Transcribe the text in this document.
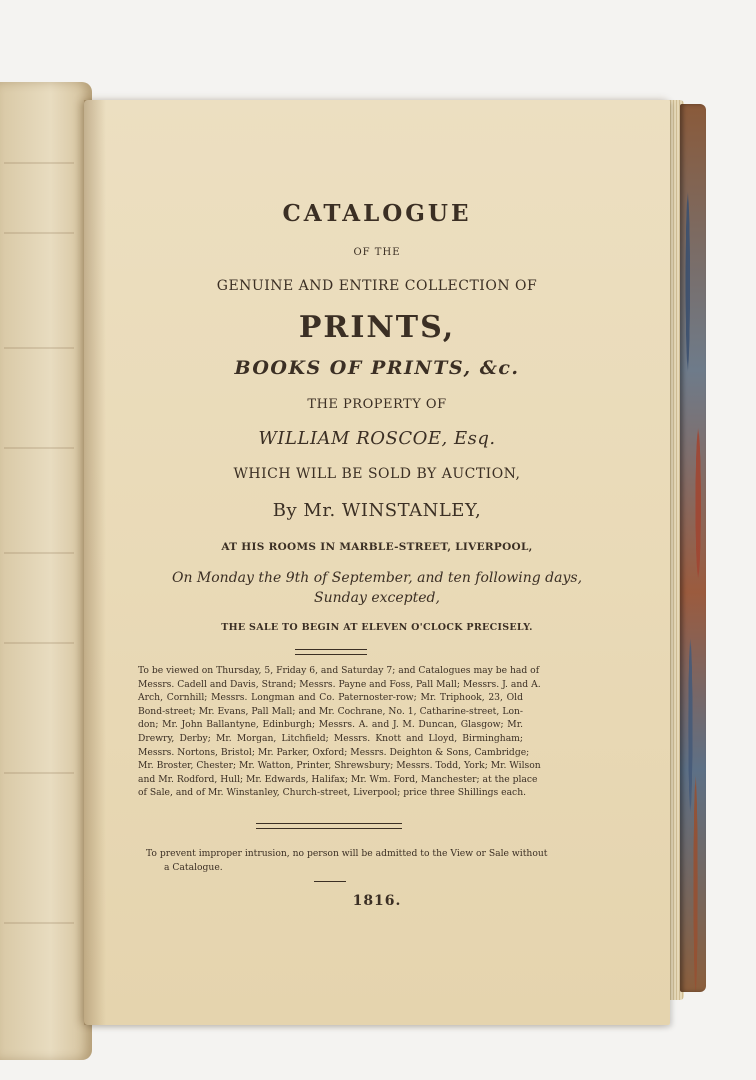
CATALOGUE

OF THE

GENUINE AND ENTIRE COLLECTION OF

PRINTS,

BOOKS OF PRINTS, &c.

THE PROPERTY OF

WILLIAM ROSCOE, Esq.

WHICH WILL BE SOLD BY AUCTION,

By Mr. WINSTANLEY,

AT HIS ROOMS IN MARBLE-STREET, LIVERPOOL,

On Monday the 9th of September, and ten following days,

Sunday excepted,

THE SALE TO BEGIN AT ELEVEN O'CLOCK PRECISELY.

To be viewed on Thursday, 5, Friday 6, and Saturday 7; and Catalogues may be had of
Messrs. Cadell and Davis, Strand; Messrs. Payne and Foss, Pall Mall; Messrs. J. and A.
Arch, Cornhill; Messrs. Longman and Co. Paternoster-row; Mr. Triphook, 23, Old
Bond-street; Mr. Evans, Pall Mall; and Mr. Cochrane, No. 1, Catharine-street, Lon-
don; Mr. John Ballantyne, Edinburgh; Messrs. A. and J. M. Duncan, Glasgow; Mr.
Drewry, Derby; Mr. Morgan, Litchfield; Messrs. Knott and Lloyd, Birmingham;
Messrs. Nortons, Bristol; Mr. Parker, Oxford; Messrs. Deighton & Sons, Cambridge;
Mr. Broster, Chester; Mr. Watton, Printer, Shrewsbury; Messrs. Todd, York; Mr. Wilson
and Mr. Rodford, Hull; Mr. Edwards, Halifax; Mr. Wm. Ford, Manchester; at the place
of Sale, and of Mr. Winstanley, Church-street, Liverpool; price three Shillings each.

To prevent improper intrusion, no person will be admitted to the View or Sale without
a Catalogue.

1816.
